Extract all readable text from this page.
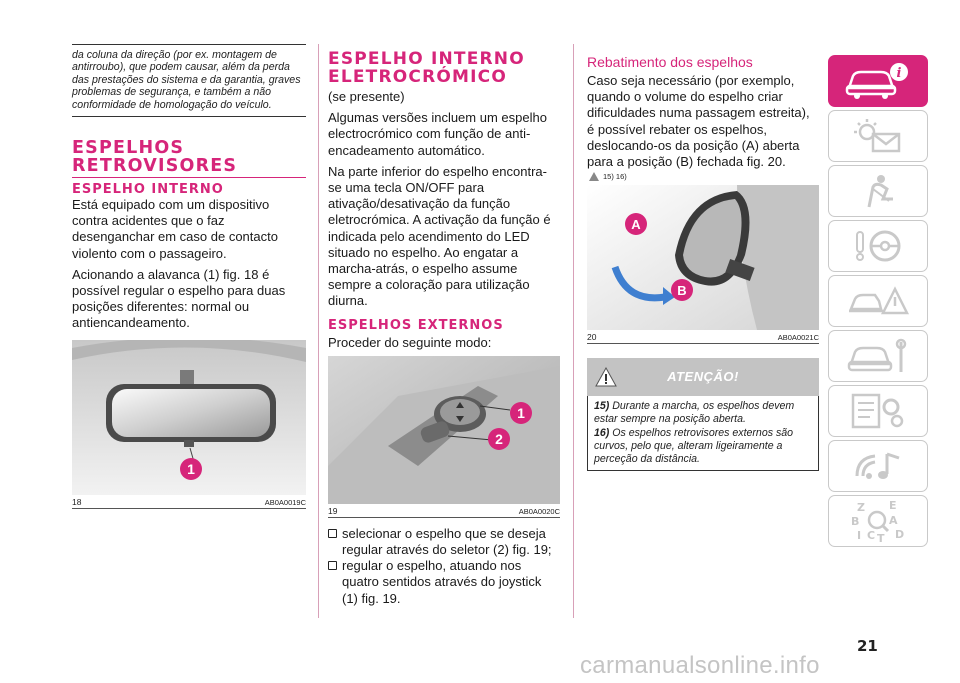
da coluna da direção (por ex. montagem de antirroubo), que podem causar, além da perda das prestações do sistema e da garantia, graves problemas de segurança, e também a não conformidade de homologação do veículo.

ESPELHOS RETROVISORES
ESPELHO INTERNO

Está equipado com um dispositivo contra acidentes que o faz desenganchar em caso de contacto violento com o passageiro.

Acionando a alavanca (1) fig. 18 é possível regular o espelho para duas posições diferentes: normal ou antiencandeamento.

1
18	AB0A0019C
ESPELHO INTERNO ELETROCRÓMICO

(se presente)

Algumas versões incluem um espelho electrocrómico com função de anti-encadeamento automático.

Na parte inferior do espelho encontra-se uma tecla ON/OFF para ativação/desativação da função eletrocrómica. A activação da função é indicada pelo acendimento do LED situado no espelho. Ao engatar a marcha-atrás, o espelho assume sempre a coloração para utilização diurna.

ESPELHOS EXTERNOS

Proceder do seguinte modo:

1
2
19	AB0A0020C

selecionar o espelho que se deseja regular através do seletor (2) fig. 19;

regular o espelho, atuando nos quatro sentidos através do joystick (1) fig. 19.

Rebatimento dos espelhos

Caso seja necessário (por exemplo, quando o volume do espelho criar dificuldades numa passagem estreita), é possível rebater os espelhos, deslocando-os da posição (A) aberta para a posição (B) fechada fig. 20.

15) 16)
A
B
20	AB0A0021C
ATENÇÃO!

15) Durante a marcha, os espelhos devem estar sempre na posição aberta.

16) Os espelhos retrovisores externos são curvos, pelo que, alteram ligeiramente a perceção da distância.

i
Z E
B	A
I C T D
21
carmanualsonline.info
